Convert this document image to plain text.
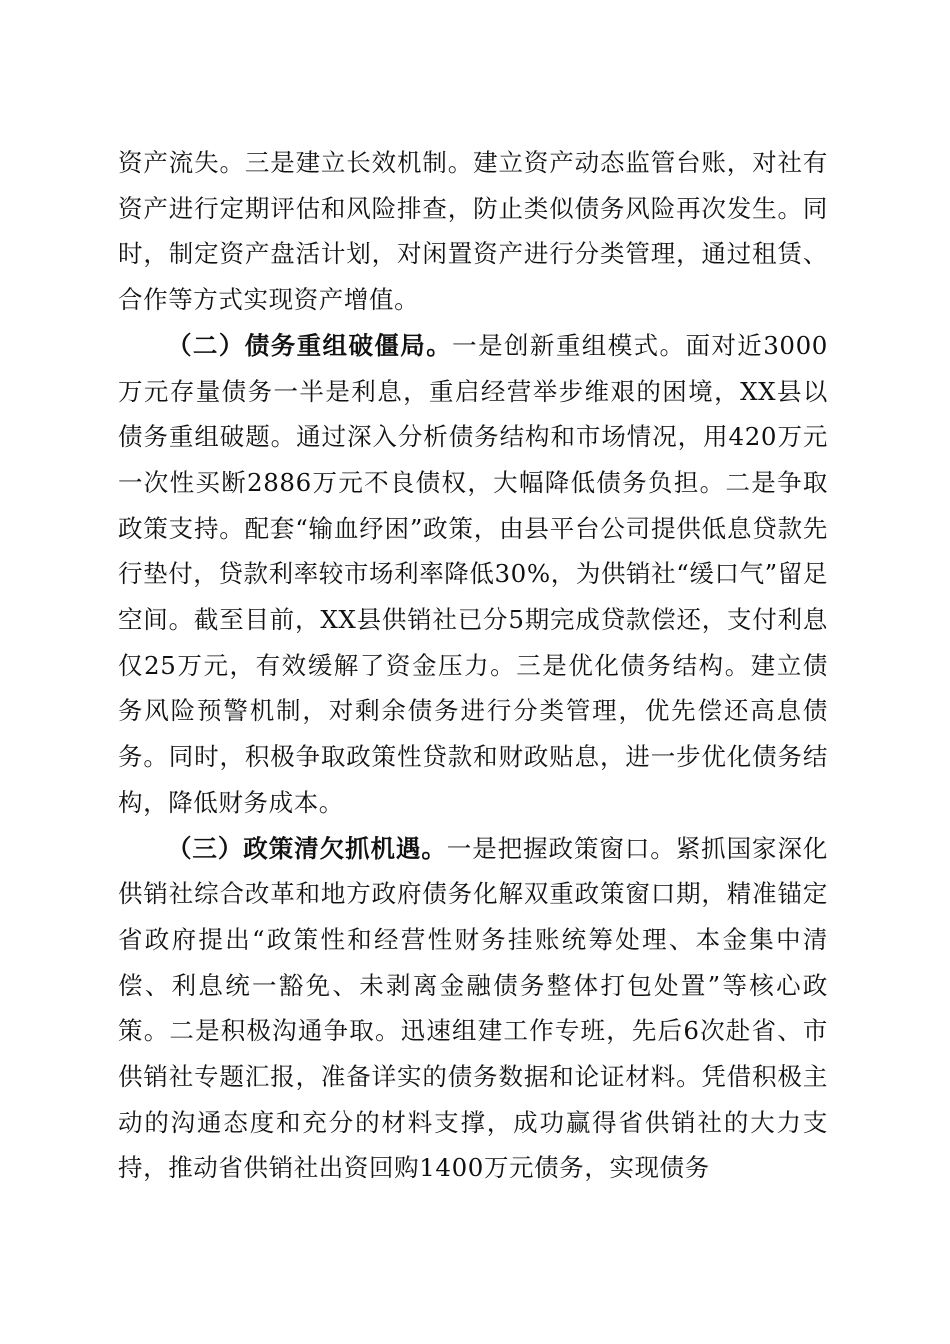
资产流失。三是建立长效机制。建立资产动态监管台账，对社有资产进行定期评估和风险排查，防止类似债务风险再次发生。同时，制定资产盘活计划，对闲置资产进行分类管理，通过租赁、合作等方式实现资产增值。

（二）债务重组破僵局。一是创新重组模式。面对近3000万元存量债务一半是利息，重启经营举步维艰的困境，XX县以债务重组破题。通过深入分析债务结构和市场情况，用420万元一次性买断2886万元不良债权，大幅降低债务负担。二是争取政策支持。配套“输血纾困”政策，由县平台公司提供低息贷款先行垫付，贷款利率较市场利率降低30%，为供销社“缓口气”留足空间。截至目前，XX县供销社已分5期完成贷款偿还，支付利息仅25万元，有效缓解了资金压力。三是优化债务结构。建立债务风险预警机制，对剩余债务进行分类管理，优先偿还高息债务。同时，积极争取政策性贷款和财政贴息，进一步优化债务结构，降低财务成本。

（三）政策清欠抓机遇。一是把握政策窗口。紧抓国家深化供销社综合改革和地方政府债务化解双重政策窗口期，精准锚定省政府提出“政策性和经营性财务挂账统筹处理、本金集中清偿、利息统一豁免、未剥离金融债务整体打包处置”等核心政策。二是积极沟通争取。迅速组建工作专班，先后6次赴省、市供销社专题汇报，准备详实的债务数据和论证材料。凭借积极主动的沟通态度和充分的材料支撑，成功赢得省供销社的大力支持，推动省供销社出资回购1400万元债务，实现债务
